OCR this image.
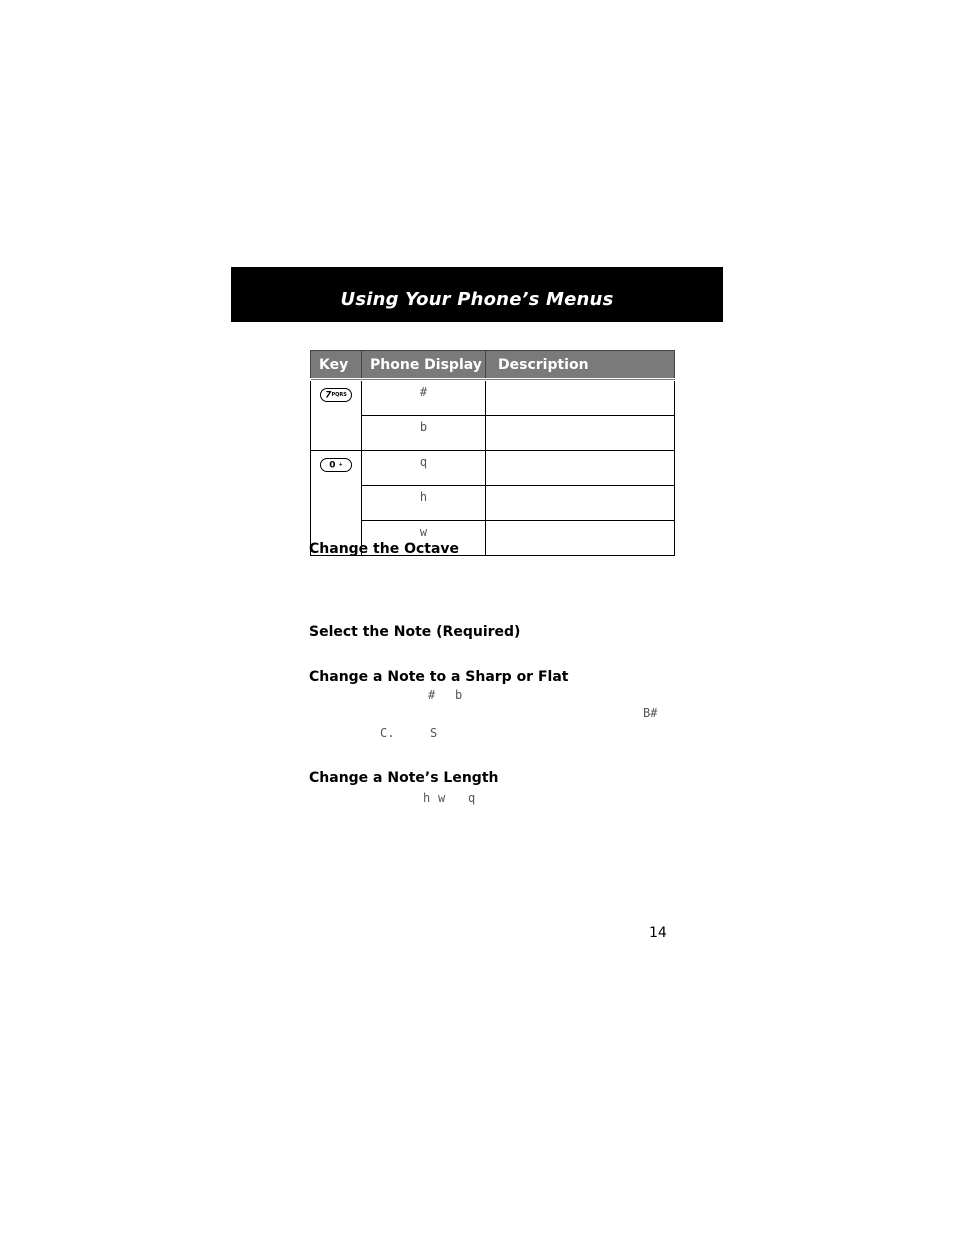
Using Your Phone’s Menus
Key	Phone Display	Description
7PQRS	#	
	b	
0 +	q	
	h	
	w	
Change the Octave
Select the Note (Required)
Change a Note to a Sharp or Flat
# b
B#
C.	S
Change a Note’s Length
h w q
14
